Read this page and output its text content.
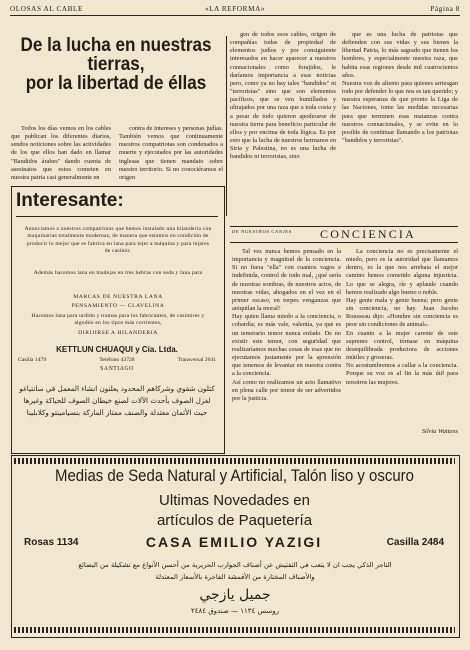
OLOSAS AL CABLE	«LA REFORMA»	Página 8
De la lucha en nuestras tierras,
por la libertad de éllas

Todos los días vemos en los cables que publican los diferentes diarios, sendos noticiones sobre las actividades de los que ellos han dado en llamar "Bandidos árabes" dando cuenta de asesinatos que estos cometen en nuestra patria casi generalmente en

contra de intereses y personas judías. También vemos que continuamente nuestros compatriotas son condenados a muerte y ejecutados por las autoridades inglesas que tienen mandato sobre nuestro territorio. Si no conociéramos el origen

gen de todos esos cables, origen de compañías todas de propiedad de elementos judíos y por consiguiente interesados en hacer aparecer a nuestros connacionales como forajidos, le daríamos importancia a esas noticias pero, como ya no hay tales "bandidos" ni "terroristas" sino que son elementos pacíficos, que se ven humillados y ultrajados por una raza que a toda costa y a pesar de todo quieren apoderarse de nuestra tierra para beneficio particular de ellos y por encima de toda lógica. Es por esto que la lucha de nuestros hermanos en Siria y Palestina, no es una lucha de bandidos ni terroristas, sino

que es una lucha de patriotas que defienden con sus vidas y sus bienes la libertad Patria, lo más sagrado que tienen los hombres, y especialmente nuestra raza, que habita esas regiones desde mil cuatrocientos años.
Nuestra voz de aliento para quienes arriesgan todo por defender lo que nos es tan querido; y nuestra esperanza de que pronto la Liga de las Naciones, tome las medidas necesarias para que terminen esas matanzas contra nuestros connacionales, y se evite en lo posible de continuar llamando a los patriotas "bandidos y terroristas".

Interesante:
Anunciamos a nuestros compatriotas que hemos instalado una hilandería con maquinarias totalmente modernas, de manera que estamos en condición de producir lo mejor que se fabrica en lana para tejer a máquina y para tejares de casimir.
Además hacemos lana en madejas en tres hebras con seda y lana para
MARCAS DE NUESTRA LANA
PENSAMIENTO — CLAVELINA
Hacemos lana para urdido y tramas para los fabricantes, de casimires y algodón en los tipos más corrientes,
DIRIJIRSE A HILANDERIA
KETTLUN CHUAQUI y Cía. Ltda.
Casilla 1479	Teléfono 43728	Transversal 2641
SANTIAGO
كتلون شقوي وشركاهم المحدود يعلنون انشاء المعمل في سانتياغو
لغزل الصوف بأحدث الآلات لصنع خيطان الصوف للحياكة وغيرها
حيث الأثمان معتدلة والصنف ممتاز الماركة بنسيامينتو وكلابلينا
DE NUESTROS CANJES	CONCIENCIA

Tal vez nunca hemos pensado en la importancia y magnitud de la conciencia. Si no fuera "ella" con cuantos vagos e indefinida, control de todo mal, ¿qué sería de nuestras sombras, de nuestros actos, de nuestras vidas, ahogados en el vez en el primer escaso, en torpes venganzas que aniquilan la moral?
Hay quien llama miedo a la conciencia, o cobardía; es más vale, valentía, ya que es un temerario temor nunca enfado. De no existir este temor, con seguridad que realizaríamos muchas cosas de esas que no ejecutamos justamente por la aprensión que tenemos de levantar en nuestra contra a la conciencia.
Así como no realizamos un acto llamativo en plena calle por temor de ser advertidos por la justicia.

La conciencia no es precisamente el miedo, pero es la autoridad que llamamos dentro, es la que nos arrebata el mejor camino hemos cometido alguna injusticia. Lo que se alegra, ríe y aplaude cuando hemos realizado algo bueno o noble.
Hay gente mala y gente buena; pero gente sin conciencia, no hay. Juan Jacobo Rousseau dijo: «Hombre sin conciencia es peor sin condiciones de animal».
En cuanto a la mujer carente de este supremo control, tórnase en máquina desequilibrada productora de acciones inútiles y groseras.
No acostumbremos a callar a la conciencia. Porque su voz es al fin la más útil para nosotros las mujeres.

Silvia Wattens
Medias de Seda Natural y Artificial, Talón liso y oscuro
Ultimas Novedades en
artículos de Paquetería
Rosas 1134	CASA EMILIO YAZIGI	Casilla 2484
التاجر الذكي يجب ان لا يتعب في التفتيش عن أصناف الجوارب الحريرية من أحسن الأنواع مع تشكيلة من البضائع
والأصناف المختارة من الأقمشة الفاخرة بالأسعار المعتدلة
جميل يازجي
روسس ١١٣٤ — صندوق ٢٤٨٤
